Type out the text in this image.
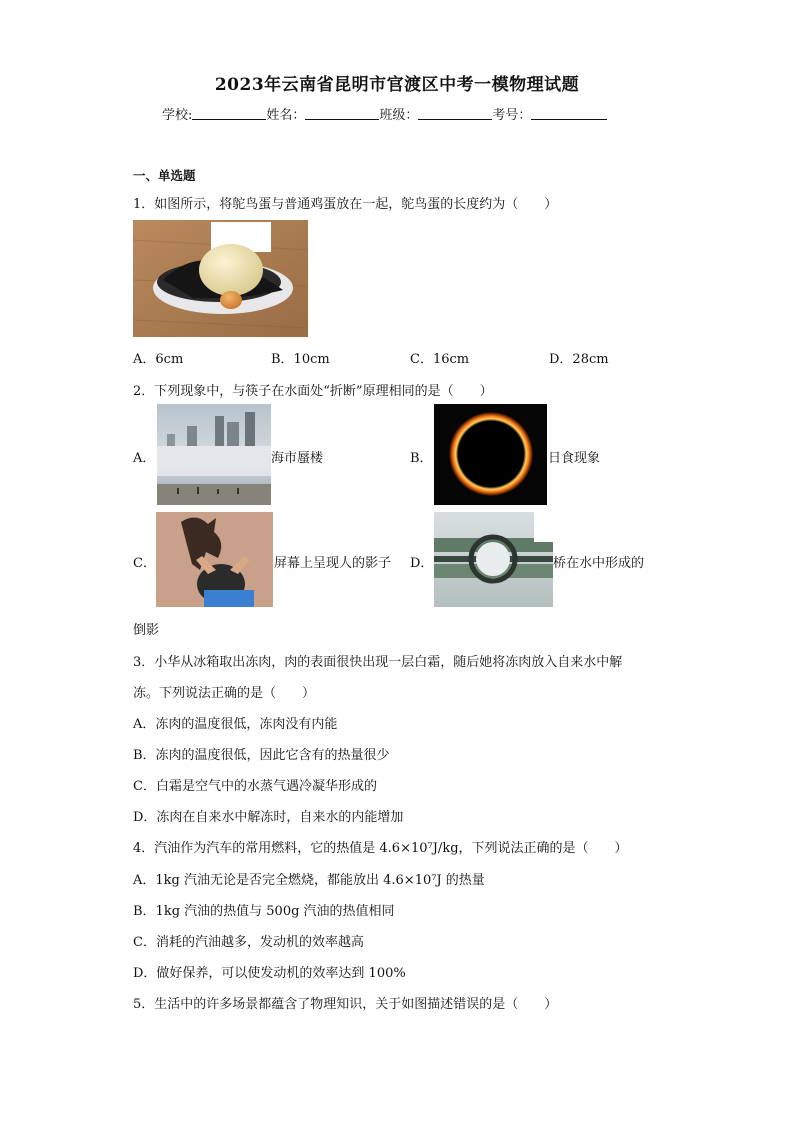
2023年云南省昆明市官渡区中考一模物理试题
学校:	姓名：	班级：	考号：
一、单选题
1．如图所示，将鸵鸟蛋与普通鸡蛋放在一起，鸵鸟蛋的长度约为（　　）
A．6cm	B．10cm	C．16cm	D．28cm
2．下列现象中，与筷子在水面处“折断”原理相同的是（　　）
A．	海市蜃楼	B．	日食现象
C．	屏幕上呈现人的影子 D．	桥在水中形成的
倒影
3．小华从冰箱取出冻肉，肉的表面很快出现一层白霜，随后她将冻肉放入自来水中解
冻。下列说法正确的是（　　）
A．冻肉的温度很低，冻肉没有内能
B．冻肉的温度很低，因此它含有的热量很少
C．白霜是空气中的水蒸气遇冷凝华形成的
D．冻肉在自来水中解冻时，自来水的内能增加
4．汽油作为汽车的常用燃料，它的热值是 4.6×10⁷J/kg，下列说法正确的是（　　）
A．1kg 汽油无论是否完全燃烧，都能放出 4.6×10⁷J 的热量
B．1kg 汽油的热值与 500g 汽油的热值相同
C．消耗的汽油越多，发动机的效率越高
D．做好保养，可以使发动机的效率达到 100%
5．生活中的许多场景都蕴含了物理知识，关于如图描述错误的是（　　）
